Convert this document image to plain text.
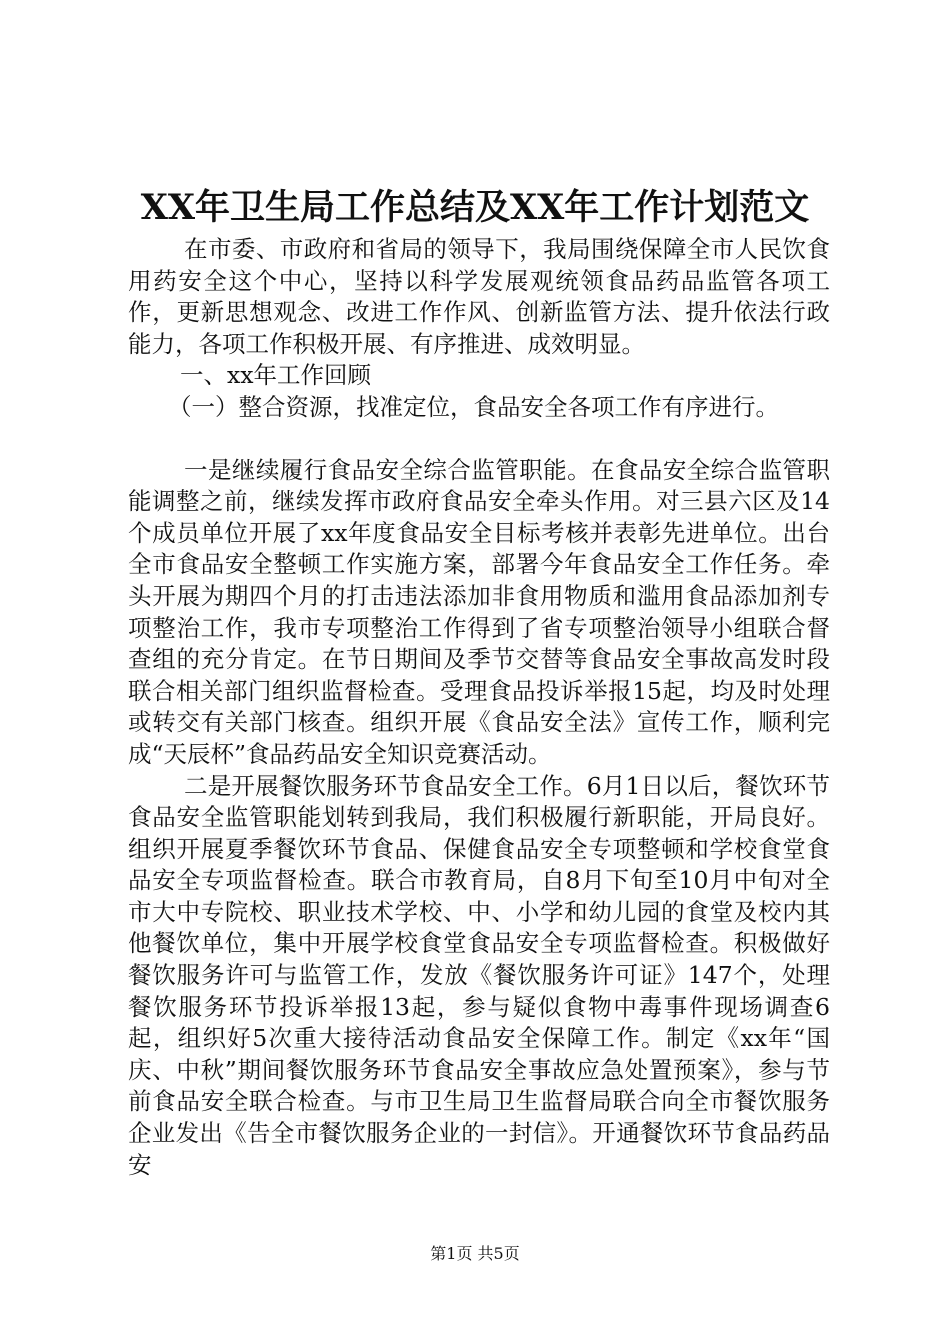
XX年卫生局工作总结及XX年工作计划范文

在市委、市政府和省局的领导下，我局围绕保障全市人民饮食用药安全这个中心，坚持以科学发展观统领食品药品监管各项工作，更新思想观念、改进工作作风、创新监管方法、提升依法行政能力，各项工作积极开展、有序推进、成效明显。

一、xx年工作回顾

（一）整合资源，找准定位，食品安全各项工作有序进行。

一是继续履行食品安全综合监管职能。在食品安全综合监管职能调整之前，继续发挥市政府食品安全牵头作用。对三县六区及14个成员单位开展了xx年度食品安全目标考核并表彰先进单位。出台全市食品安全整顿工作实施方案，部署今年食品安全工作任务。牵头开展为期四个月的打击违法添加非食用物质和滥用食品添加剂专项整治工作，我市专项整治工作得到了省专项整治领导小组联合督查组的充分肯定。在节日期间及季节交替等食品安全事故高发时段联合相关部门组织监督检查。受理食品投诉举报15起，均及时处理或转交有关部门核查。组织开展《食品安全法》宣传工作，顺利完成“天辰杯”食品药品安全知识竞赛活动。

二是开展餐饮服务环节食品安全工作。6月1日以后，餐饮环节食品安全监管职能划转到我局，我们积极履行新职能，开局良好。组织开展夏季餐饮环节食品、保健食品安全专项整顿和学校食堂食品安全专项监督检查。联合市教育局，自8月下旬至10月中旬对全市大中专院校、职业技术学校、中、小学和幼儿园的食堂及校内其他餐饮单位，集中开展学校食堂食品安全专项监督检查。积极做好餐饮服务许可与监管工作，发放《餐饮服务许可证》147个，处理餐饮服务环节投诉举报13起，参与疑似食物中毒事件现场调查6起，组织好5次重大接待活动食品安全保障工作。制定《xx年“国庆、中秋”期间餐饮服务环节食品安全事故应急处置预案》，参与节前食品安全联合检查。与市卫生局卫生监督局联合向全市餐饮服务企业发出《告全市餐饮服务企业的一封信》。开通餐饮环节食品药品安

第1页 共5页
